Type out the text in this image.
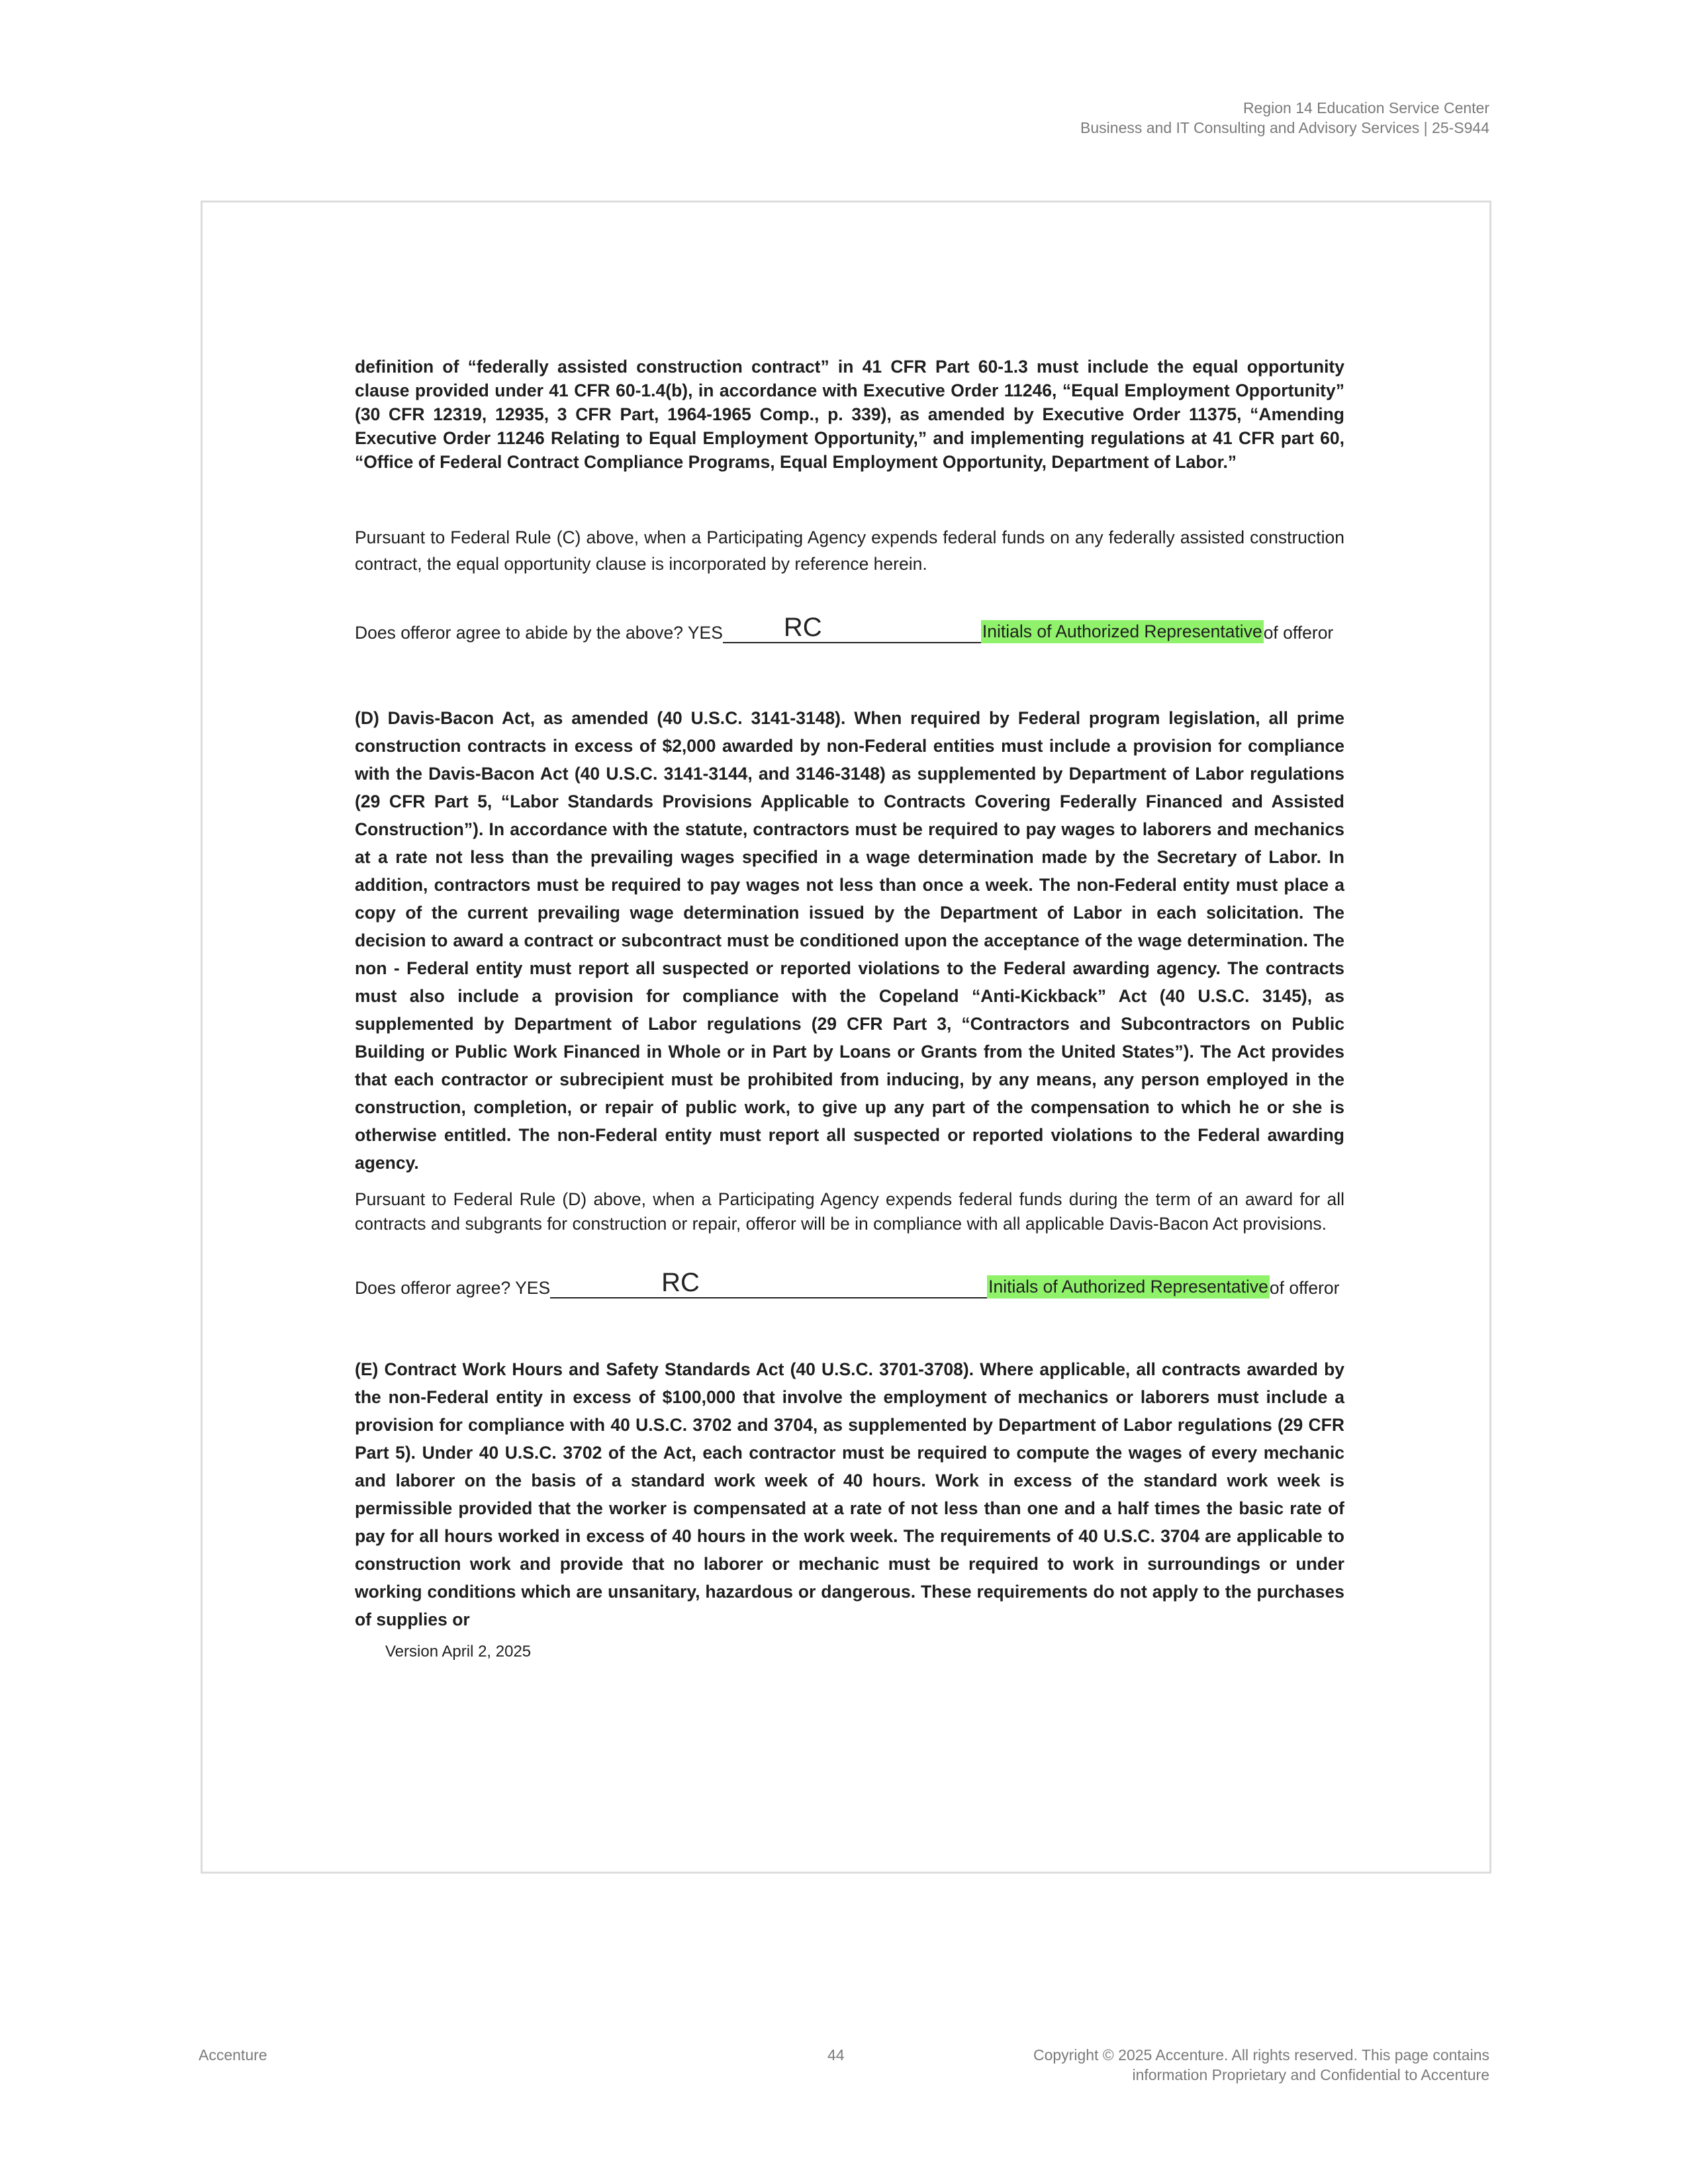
Region 14 Education Service Center
Business and IT Consulting and Advisory Services | 25-S944

definition of “federally assisted construction contract” in 41 CFR Part 60-1.3 must include the equal opportunity clause provided under 41 CFR 60-1.4(b), in accordance with Executive Order 11246, “Equal Employment Opportunity” (30 CFR 12319, 12935, 3 CFR Part, 1964-1965 Comp., p. 339), as amended by Executive Order 11375, “Amending Executive Order 11246 Relating to Equal Employment Opportunity,” and implementing regulations at 41 CFR part 60, “Office of Federal Contract Compliance Programs, Equal Employment Opportunity, Department of Labor.”

Pursuant to Federal Rule (C) above, when a Participating Agency expends federal funds on any federally assisted construction contract, the equal opportunity clause is incorporated by reference herein.

Does offeror agree to abide by the above? YES RC	Initials of Authorized Representative of offeror

(D) Davis-Bacon Act, as amended (40 U.S.C. 3141-3148). When required by Federal program legislation, all prime construction contracts in excess of $2,000 awarded by non-Federal entities must include a provision for compliance with the Davis-Bacon Act (40 U.S.C. 3141-3144, and 3146-3148) as supplemented by Department of Labor regulations (29 CFR Part 5, “Labor Standards Provisions Applicable to Contracts Covering Federally Financed and Assisted Construction”). In accordance with the statute, contractors must be required to pay wages to laborers and mechanics at a rate not less than the prevailing wages specified in a wage determination made by the Secretary of Labor. In addition, contractors must be required to pay wages not less than once a week. The non-Federal entity must place a copy of the current prevailing wage determination issued by the Department of Labor in each solicitation. The decision to award a contract or subcontract must be conditioned upon the acceptance of the wage determination. The non - Federal entity must report all suspected or reported violations to the Federal awarding agency. The contracts must also include a provision for compliance with the Copeland “Anti-Kickback” Act (40 U.S.C. 3145), as supplemented by Department of Labor regulations (29 CFR Part 3, “Contractors and Subcontractors on Public Building or Public Work Financed in Whole or in Part by Loans or Grants from the United States”). The Act provides that each contractor or subrecipient must be prohibited from inducing, by any means, any person employed in the construction, completion, or repair of public work, to give up any part of the compensation to which he or she is otherwise entitled. The non-Federal entity must report all suspected or reported violations to the Federal awarding agency.

Pursuant to Federal Rule (D) above, when a Participating Agency expends federal funds during the term of an award for all contracts and subgrants for construction or repair, offeror will be in compliance with all applicable Davis-Bacon Act provisions.

Does offeror agree? YES	RC	Initials of Authorized Representative of offeror

(E) Contract Work Hours and Safety Standards Act (40 U.S.C. 3701-3708). Where applicable, all contracts awarded by the non-Federal entity in excess of $100,000 that involve the employment of mechanics or laborers must include a provision for compliance with 40 U.S.C. 3702 and 3704, as supplemented by Department of Labor regulations (29 CFR Part 5). Under 40 U.S.C. 3702 of the Act, each contractor must be required to compute the wages of every mechanic and laborer on the basis of a standard work week of 40 hours. Work in excess of the standard work week is permissible provided that the worker is compensated at a rate of not less than one and a half times the basic rate of pay for all hours worked in excess of 40 hours in the work week. The requirements of 40 U.S.C. 3704 are applicable to construction work and provide that no laborer or mechanic must be required to work in surroundings or under working conditions which are unsanitary, hazardous or dangerous. These requirements do not apply to the purchases of supplies or

Version April 2, 2025
Accenture	44	Copyright © 2025 Accenture. All rights reserved. This page contains
information Proprietary and Confidential to Accenture
